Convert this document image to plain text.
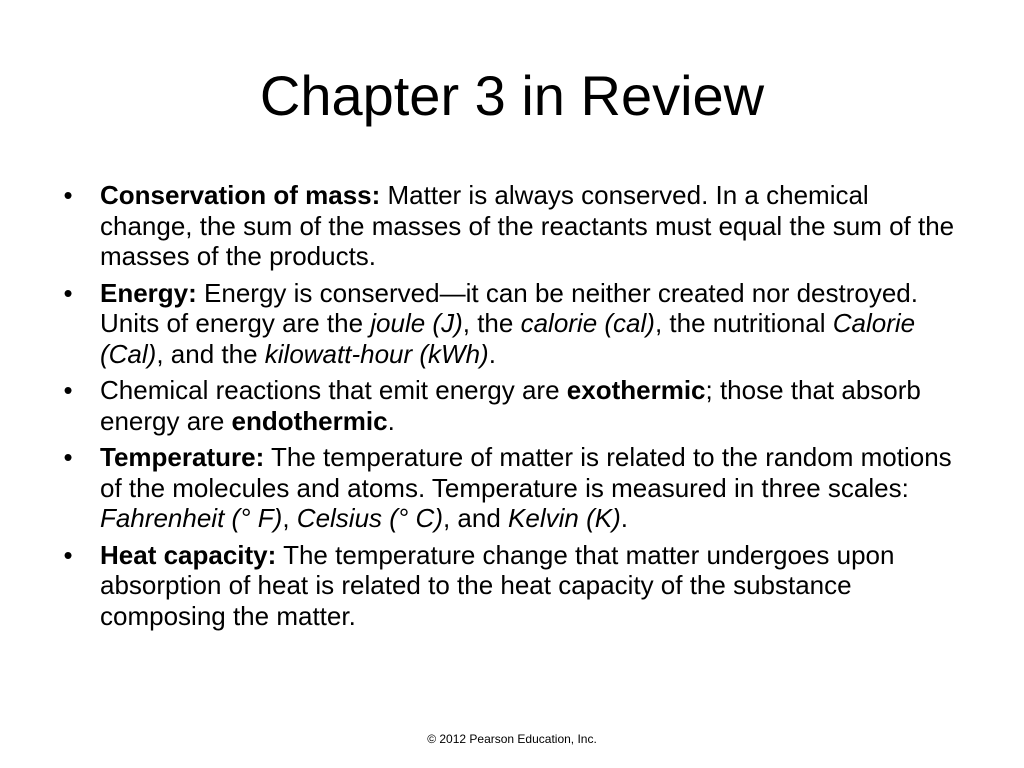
Chapter 3 in Review
• Conservation of mass: Matter is always conserved. In a chemical change, the sum of the masses of the reactants must equal the sum of the masses of the products.
• Energy: Energy is conserved—it can be neither created nor destroyed. Units of energy are the joule (J), the calorie (cal), the nutritional Calorie (Cal), and the kilowatt-hour (kWh).
• Chemical reactions that emit energy are exothermic; those that absorb energy are endothermic.
• Temperature: The temperature of matter is related to the random motions of the molecules and atoms. Temperature is measured in three scales: Fahrenheit (° F), Celsius (° C), and Kelvin (K).
• Heat capacity: The temperature change that matter undergoes upon absorption of heat is related to the heat capacity of the substance composing the matter.
© 2012 Pearson Education, Inc.
